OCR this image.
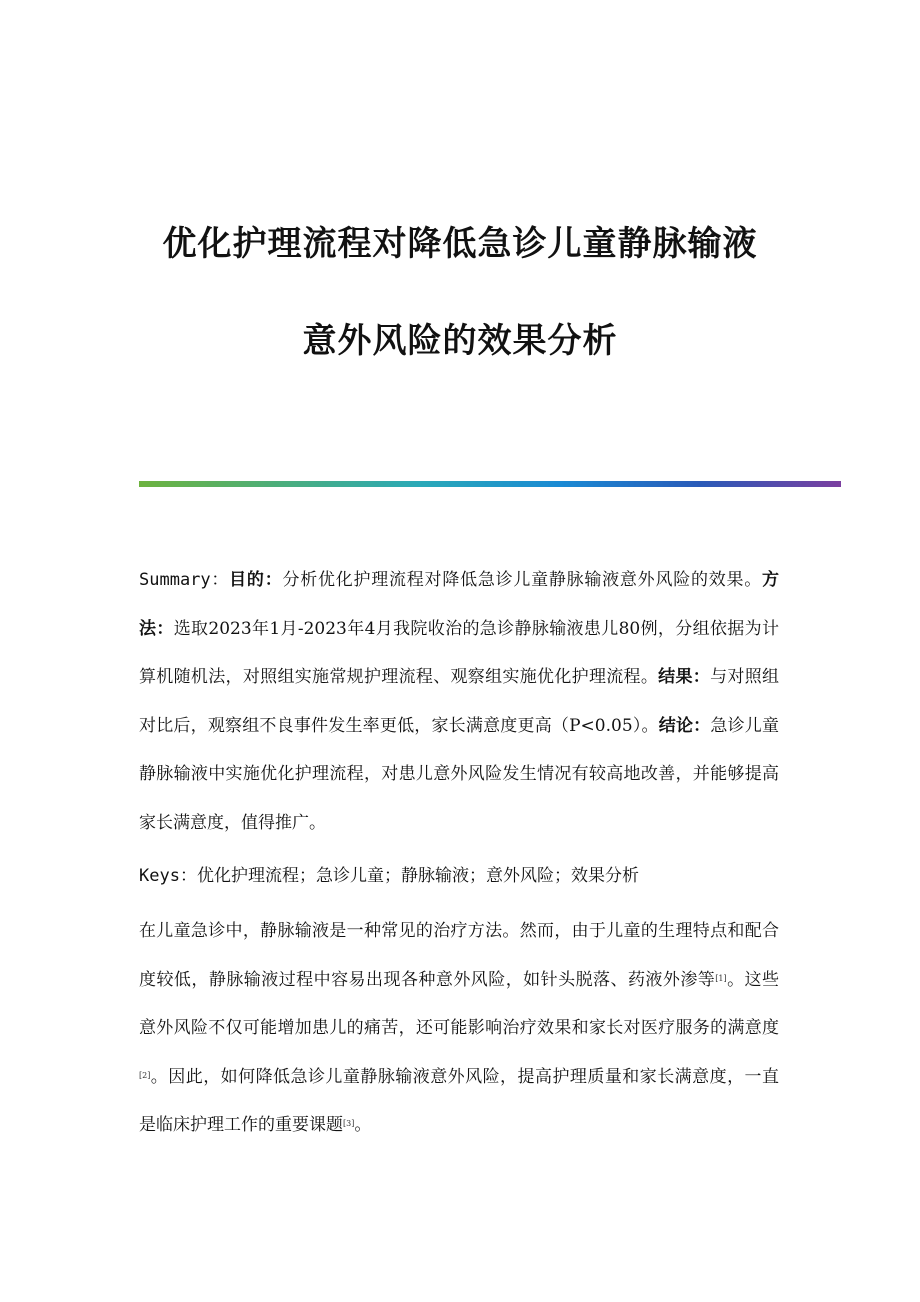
优化护理流程对降低急诊儿童静脉输液
意外风险的效果分析

Summary：目的：分析优化护理流程对降低急诊儿童静脉输液意外风险的效果。方法：选取2023年1月-2023年4月我院收治的急诊静脉输液患儿80例，分组依据为计算机随机法，对照组实施常规护理流程、观察组实施优化护理流程。结果：与对照组对比后，观察组不良事件发生率更低，家长满意度更高（P<0.05）。结论：急诊儿童静脉输液中实施优化护理流程，对患儿意外风险发生情况有较高地改善，并能够提高家长满意度，值得推广。

Keys：优化护理流程；急诊儿童；静脉输液；意外风险；效果分析

在儿童急诊中，静脉输液是一种常见的治疗方法。然而，由于儿童的生理特点和配合度较低，静脉输液过程中容易出现各种意外风险，如针头脱落、药液外渗等[1]。这些意外风险不仅可能增加患儿的痛苦，还可能影响治疗效果和家长对医疗服务的满意度[2]。因此，如何降低急诊儿童静脉输液意外风险，提高护理质量和家长满意度，一直是临床护理工作的重要课题[3]。
